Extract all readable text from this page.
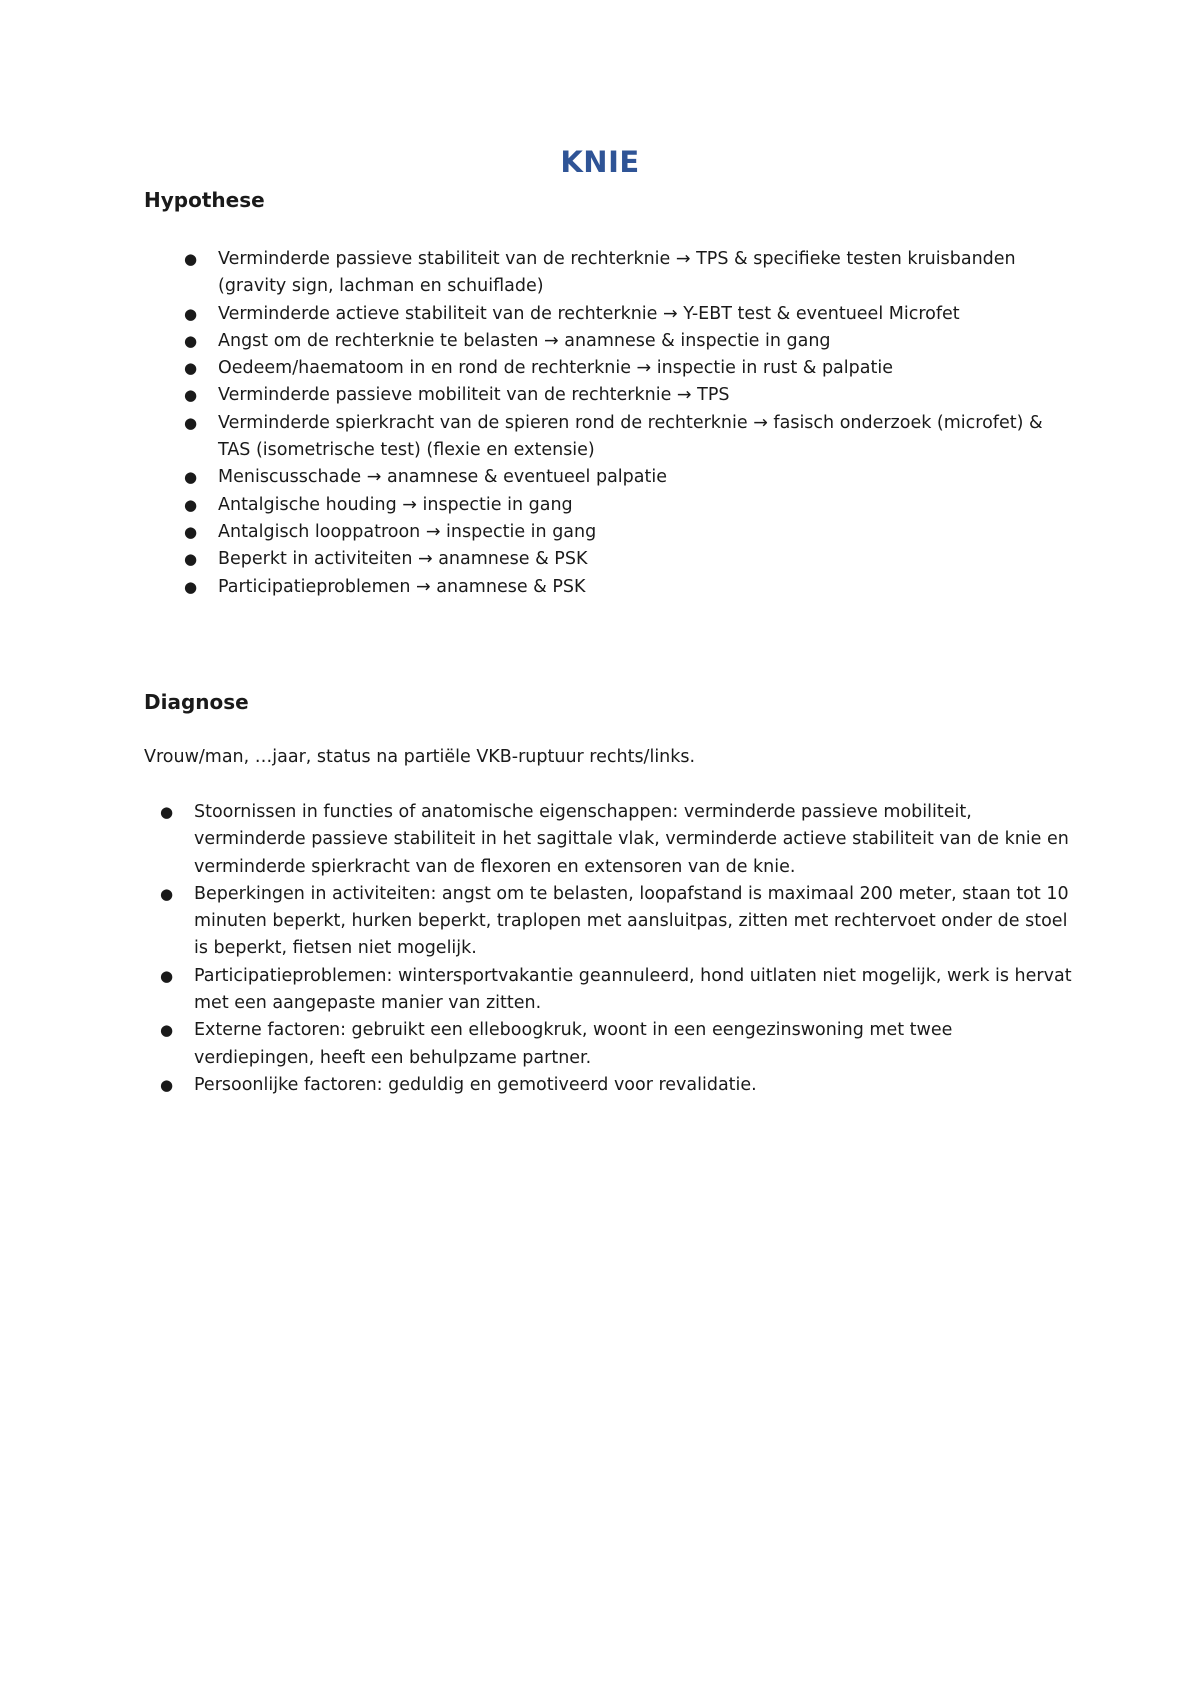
KNIE
Hypothese
● Verminderde passieve stabiliteit van de rechterknie → TPS & specifieke testen kruisbanden (gravity sign, lachman en schuiflade)
● Verminderde actieve stabiliteit van de rechterknie → Y-EBT test & eventueel Microfet
● Angst om de rechterknie te belasten → anamnese & inspectie in gang
● Oedeem/haematoom in en rond de rechterknie → inspectie in rust & palpatie
● Verminderde passieve mobiliteit van de rechterknie → TPS
● Verminderde spierkracht van de spieren rond de rechterknie → fasisch onderzoek (microfet) & TAS (isometrische test) (flexie en extensie)
● Meniscusschade → anamnese & eventueel palpatie
● Antalgische houding → inspectie in gang
● Antalgisch looppatroon → inspectie in gang
● Beperkt in activiteiten → anamnese & PSK
● Participatieproblemen → anamnese & PSK
Diagnose
Vrouw/man, …jaar, status na partiële VKB-ruptuur rechts/links.
● Stoornissen in functies of anatomische eigenschappen: verminderde passieve mobiliteit, verminderde passieve stabiliteit in het sagittale vlak, verminderde actieve stabiliteit van de knie en verminderde spierkracht van de flexoren en extensoren van de knie.
● Beperkingen in activiteiten: angst om te belasten, loopafstand is maximaal 200 meter, staan tot 10 minuten beperkt, hurken beperkt, traplopen met aansluitpas, zitten met rechtervoet onder de stoel is beperkt, fietsen niet mogelijk.
● Participatieproblemen: wintersportvakantie geannuleerd, hond uitlaten niet mogelijk, werk is hervat met een aangepaste manier van zitten.
● Externe factoren: gebruikt een elleboogkruk, woont in een eengezinswoning met twee verdiepingen, heeft een behulpzame partner.
● Persoonlijke factoren: geduldig en gemotiveerd voor revalidatie.
